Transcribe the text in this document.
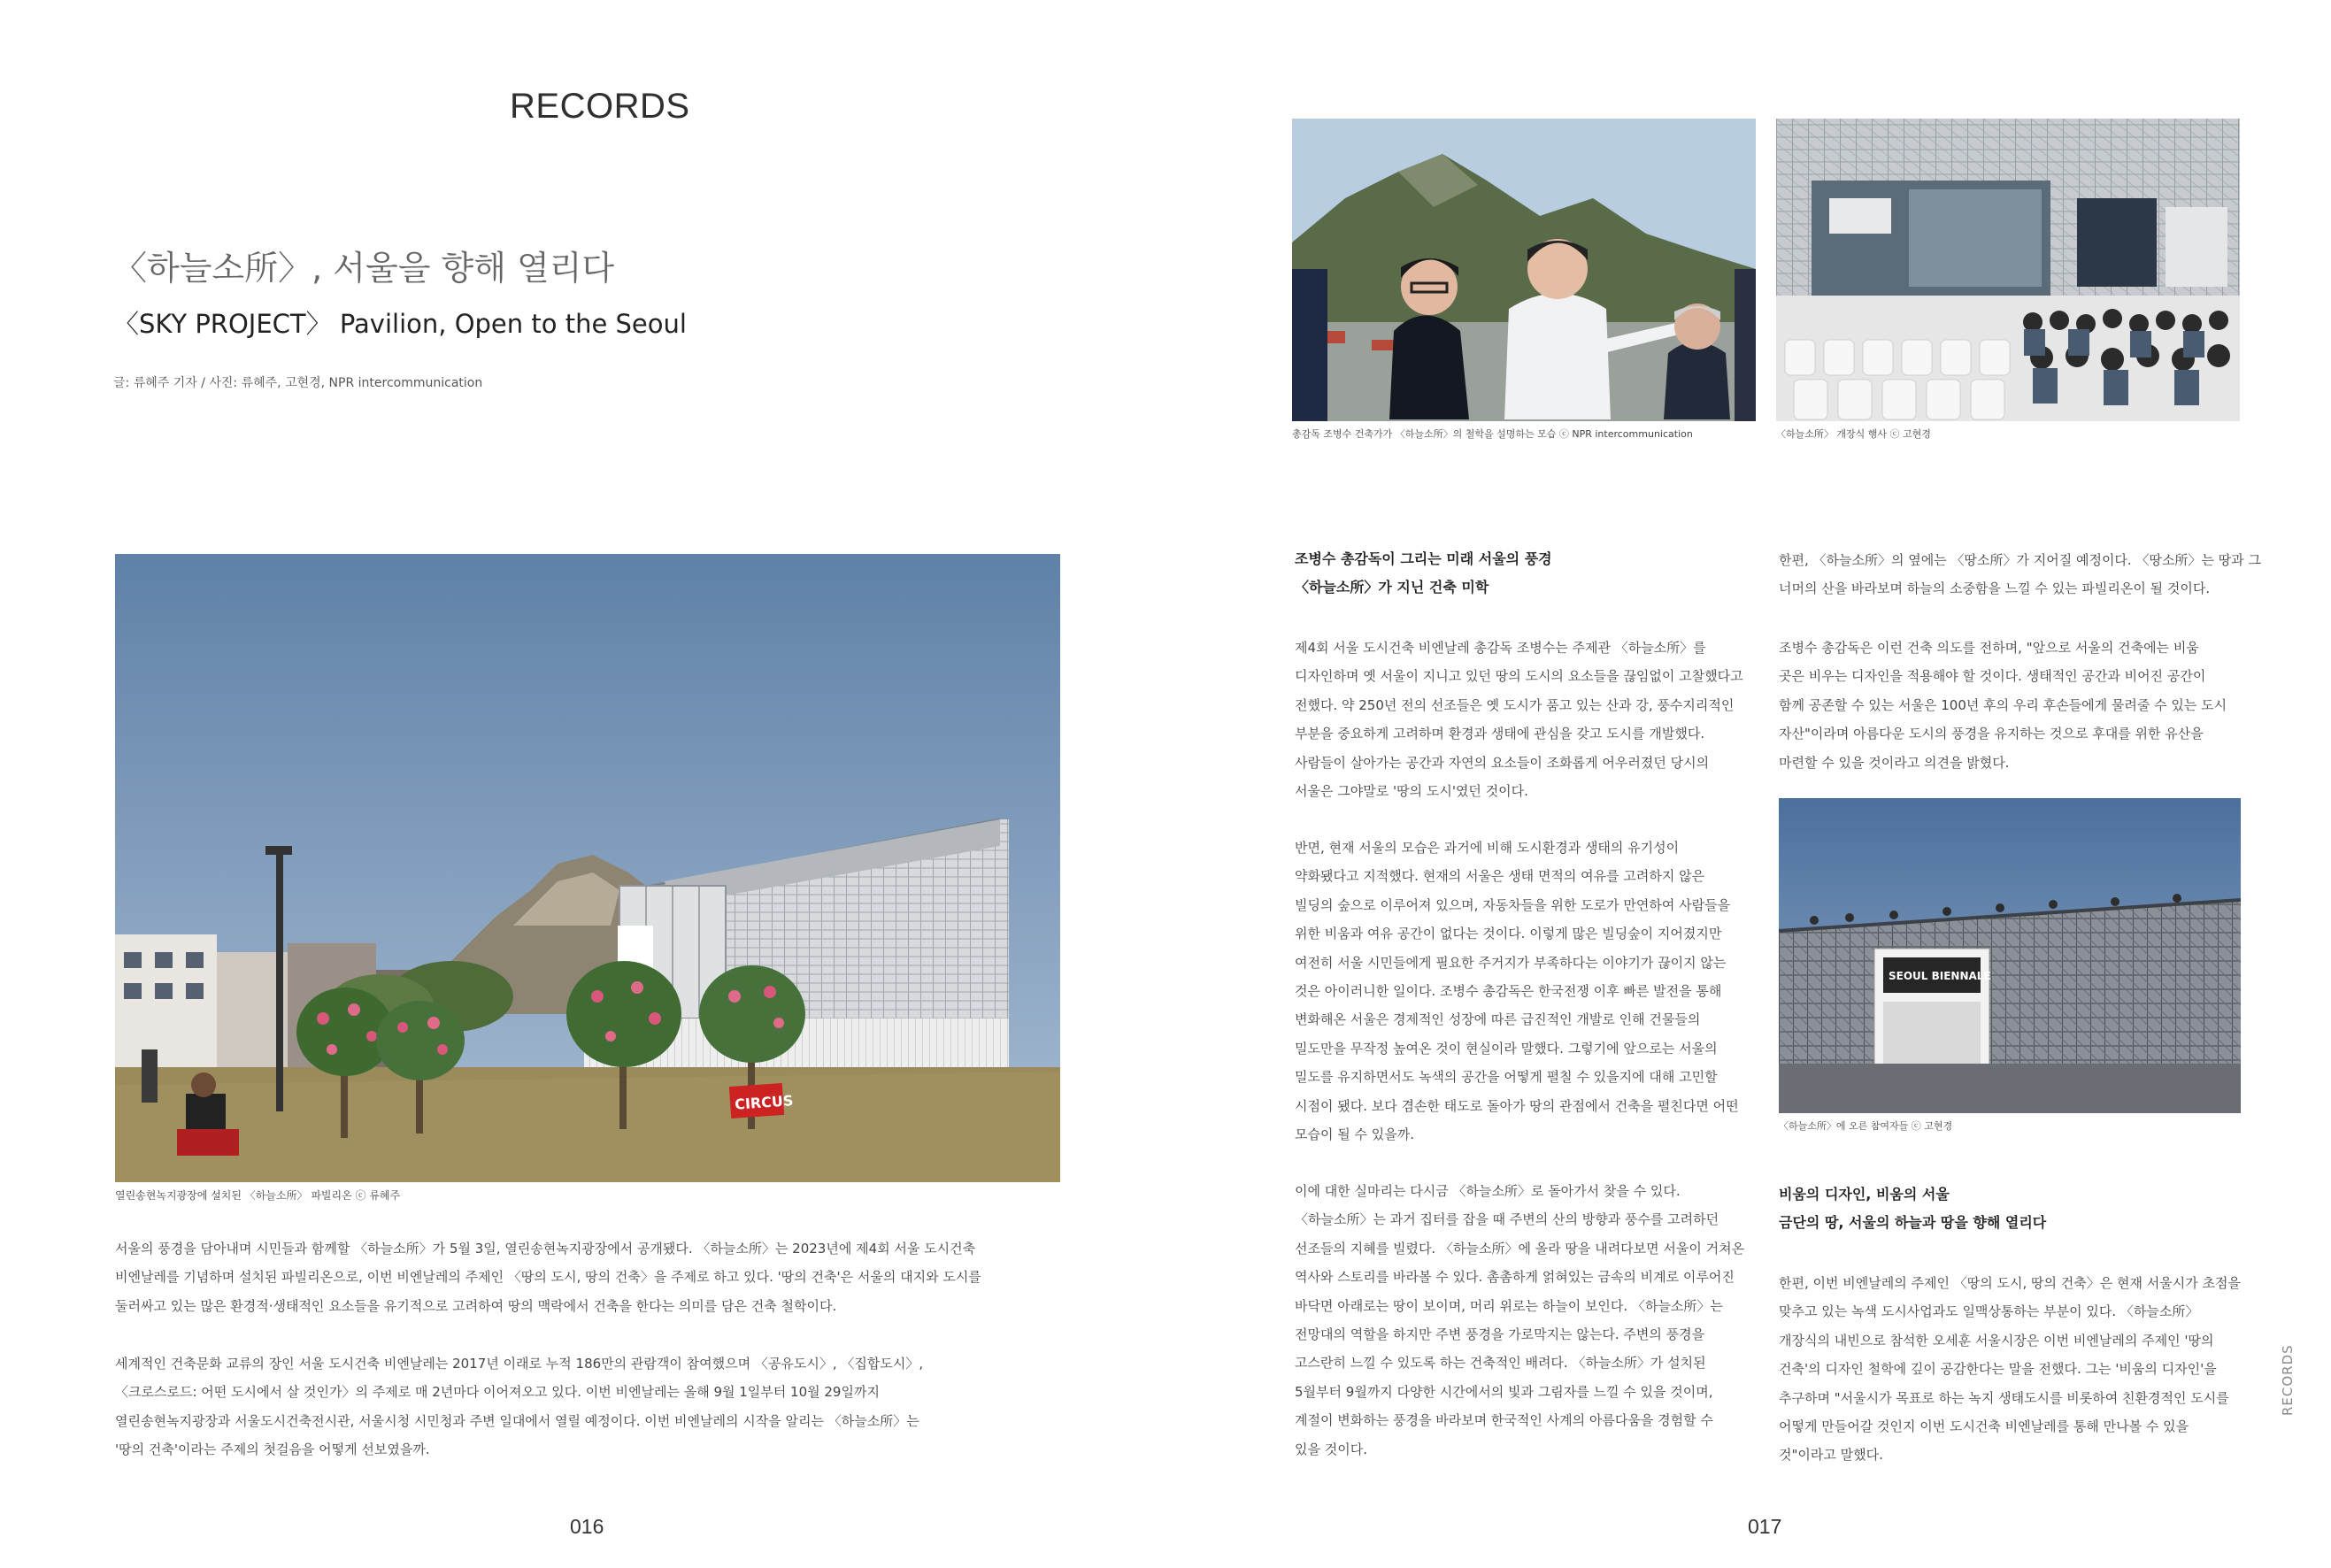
RECORDS
〈하늘소所〉, 서울을 향해 열리다
〈SKY PROJECT〉 Pavilion, Open to the Seoul
글: 류혜주 기자 / 사진: 류혜주, 고현경, NPR intercommunication
CIRCUS
열린송현녹지광장에 설치된 〈하늘소所〉 파빌리온 ⓒ 류혜주

서울의 풍경을 담아내며 시민들과 함께할 〈하늘소所〉가 5월 3일, 열린송현녹지광장에서 공개됐다. 〈하늘소所〉는 2023년에 제4회 서울 도시건축

비엔날레를 기념하며 설치된 파빌리온으로, 이번 비엔날레의 주제인 〈땅의 도시, 땅의 건축〉을 주제로 하고 있다. '땅의 건축'은 서울의 대지와 도시를

둘러싸고 있는 많은 환경적·생태적인 요소들을 유기적으로 고려하여 땅의 맥락에서 건축을 한다는 의미를 담은 건축 철학이다.

세계적인 건축문화 교류의 장인 서울 도시건축 비엔날레는 2017년 이래로 누적 186만의 관람객이 참여했으며 〈공유도시〉, 〈집합도시〉,

〈크로스로드: 어떤 도시에서 살 것인가〉의 주제로 매 2년마다 이어져오고 있다. 이번 비엔날레는 올해 9월 1일부터 10월 29일까지

열린송현녹지광장과 서울도시건축전시관, 서울시청 시민청과 주변 일대에서 열릴 예정이다. 이번 비엔날레의 시작을 알리는 〈하늘소所〉는

'땅의 건축'이라는 주제의 첫걸음을 어떻게 선보였을까.

016
총감독 조병수 건축가가 〈하늘소所〉의 철학을 설명하는 모습 ⓒ NPR intercommunication	〈하늘소所〉 개장식 행사 ⓒ 고현경
조병수 총감독이 그리는 미래 서울의 풍경
〈하늘소所〉가 지닌 건축 미학

제4회 서울 도시건축 비엔날레 총감독 조병수는 주제관 〈하늘소所〉를

디자인하며 옛 서울이 지니고 있던 땅의 도시의 요소들을 끊임없이 고찰했다고

전했다. 약 250년 전의 선조들은 옛 도시가 품고 있는 산과 강, 풍수지리적인

부분을 중요하게 고려하며 환경과 생태에 관심을 갖고 도시를 개발했다.

사람들이 살아가는 공간과 자연의 요소들이 조화롭게 어우러졌던 당시의

서울은 그야말로 '땅의 도시'였던 것이다.

반면, 현재 서울의 모습은 과거에 비해 도시환경과 생태의 유기성이

약화됐다고 지적했다. 현재의 서울은 생태 면적의 여유를 고려하지 않은

빌딩의 숲으로 이루어져 있으며, 자동차들을 위한 도로가 만연하여 사람들을

위한 비움과 여유 공간이 없다는 것이다. 이렇게 많은 빌딩숲이 지어졌지만

여전히 서울 시민들에게 필요한 주거지가 부족하다는 이야기가 끊이지 않는

것은 아이러니한 일이다. 조병수 총감독은 한국전쟁 이후 빠른 발전을 통해

변화해온 서울은 경제적인 성장에 따른 급진적인 개발로 인해 건물들의

밀도만을 무작정 높여온 것이 현실이라 말했다. 그렇기에 앞으로는 서울의

밀도를 유지하면서도 녹색의 공간을 어떻게 펼칠 수 있을지에 대해 고민할

시점이 됐다. 보다 겸손한 태도로 돌아가 땅의 관점에서 건축을 펼친다면 어떤

모습이 될 수 있을까.

이에 대한 실마리는 다시금 〈하늘소所〉로 돌아가서 찾을 수 있다.

〈하늘소所〉는 과거 집터를 잡을 때 주변의 산의 방향과 풍수를 고려하던

선조들의 지혜를 빌렸다. 〈하늘소所〉에 올라 땅을 내려다보면 서울이 거쳐온

역사와 스토리를 바라볼 수 있다. 촘촘하게 얽혀있는 금속의 비계로 이루어진

바닥면 아래로는 땅이 보이며, 머리 위로는 하늘이 보인다. 〈하늘소所〉는

전망대의 역할을 하지만 주변 풍경을 가로막지는 않는다. 주변의 풍경을

고스란히 느낄 수 있도록 하는 건축적인 배려다. 〈하늘소所〉가 설치된

5월부터 9월까지 다양한 시간에서의 빛과 그림자를 느낄 수 있을 것이며,

계절이 변화하는 풍경을 바라보며 한국적인 사계의 아름다움을 경험할 수

있을 것이다.

한편, 〈하늘소所〉의 옆에는 〈땅소所〉가 지어질 예정이다. 〈땅소所〉는 땅과 그

너머의 산을 바라보며 하늘의 소중함을 느낄 수 있는 파빌리온이 될 것이다.

조병수 총감독은 이런 건축 의도를 전하며, "앞으로 서울의 건축에는 비움

곳은 비우는 디자인을 적용해야 할 것이다. 생태적인 공간과 비어진 공간이

함께 공존할 수 있는 서울은 100년 후의 우리 후손들에게 물려줄 수 있는 도시

자산"이라며 아름다운 도시의 풍경을 유지하는 것으로 후대를 위한 유산을

마련할 수 있을 것이라고 의견을 밝혔다.

SEOUL BIENNALE
〈하늘소所〉에 오른 참여자들 ⓒ 고현경
비움의 디자인, 비움의 서울
금단의 땅, 서울의 하늘과 땅을 향해 열리다

한편, 이번 비엔날레의 주제인 〈땅의 도시, 땅의 건축〉은 현재 서울시가 초점을

맞추고 있는 녹색 도시사업과도 일맥상통하는 부분이 있다. 〈하늘소所〉

개장식의 내빈으로 참석한 오세훈 서울시장은 이번 비엔날레의 주제인 '땅의

건축'의 디자인 철학에 깊이 공감한다는 말을 전했다. 그는 '비움의 디자인'을

추구하며 "서울시가 목표로 하는 녹지 생태도시를 비롯하여 친환경적인 도시를

어떻게 만들어갈 것인지 이번 도시건축 비엔날레를 통해 만나볼 수 있을

것"이라고 말했다.

RECORDS
017
